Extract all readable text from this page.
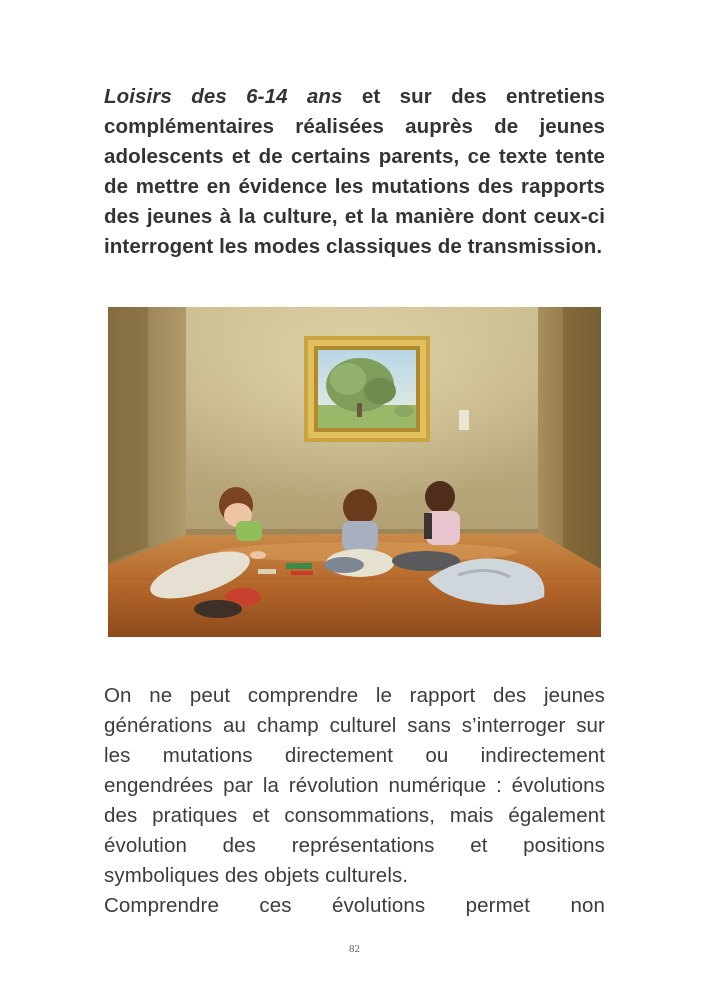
Loisirs des 6-14 ans et sur des entretiens complémentaires réalisées auprès de jeunes adolescents et de certains parents, ce texte tente de mettre en évidence les mutations des rapports des jeunes à la culture, et la manière dont ceux-ci interrogent les modes classiques de transmission.

On ne peut comprendre le rapport des jeunes générations au champ culturel sans s’interroger sur les mutations directement ou indirectement engendrées par la révolution numérique : évolutions des pratiques et consommations, mais également évolution des représentations et positions symboliques des objets culturels.
Comprendre ces évolutions permet non

82
